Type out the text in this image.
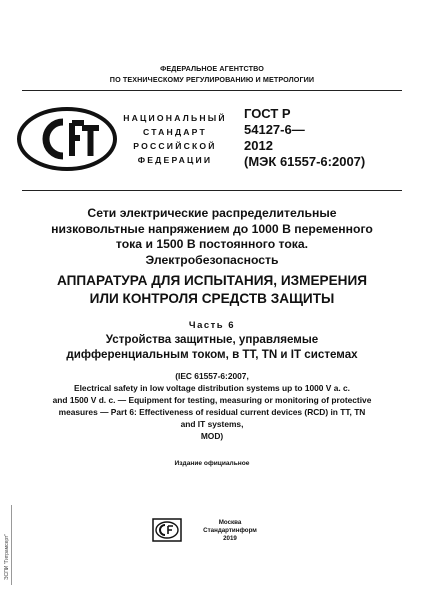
ФЕДЕРАЛЬНОЕ АГЕНТСТВО
ПО ТЕХНИЧЕСКОМУ РЕГУЛИРОВАНИЮ И МЕТРОЛОГИИ
НАЦИОНАЛЬНЫЙ
СТАНДАРТ
РОССИЙСКОЙ
ФЕДЕРАЦИИ
ГОСТ Р
54127-6—
2012
(МЭК 61557-6:2007)
Сети электрические распределительные
низковольтные напряжением до 1000 В переменного
тока и 1500 В постоянного тока.
Электробезопасность
АППАРАТУРА ДЛЯ ИСПЫТАНИЯ, ИЗМЕРЕНИЯ
ИЛИ КОНТРОЛЯ СРЕДСТВ ЗАЩИТЫ
Часть 6
Устройства защитные, управляемые
дифференциальным током, в TT, TN и IT системах
(IEC 61557-6:2007,
Electrical safety in low voltage distribution systems up to 1000 V a. c.
and 1500 V d. c. — Equipment for testing, measuring or monitoring of protective
measures — Part 6: Effectiveness of residual current devices (RCD) in TT, TN
and IT systems,
MOD)
Издание официальное
Москва
Стандартинформ
2019
ЭСПИ "Гитрамсерт"
